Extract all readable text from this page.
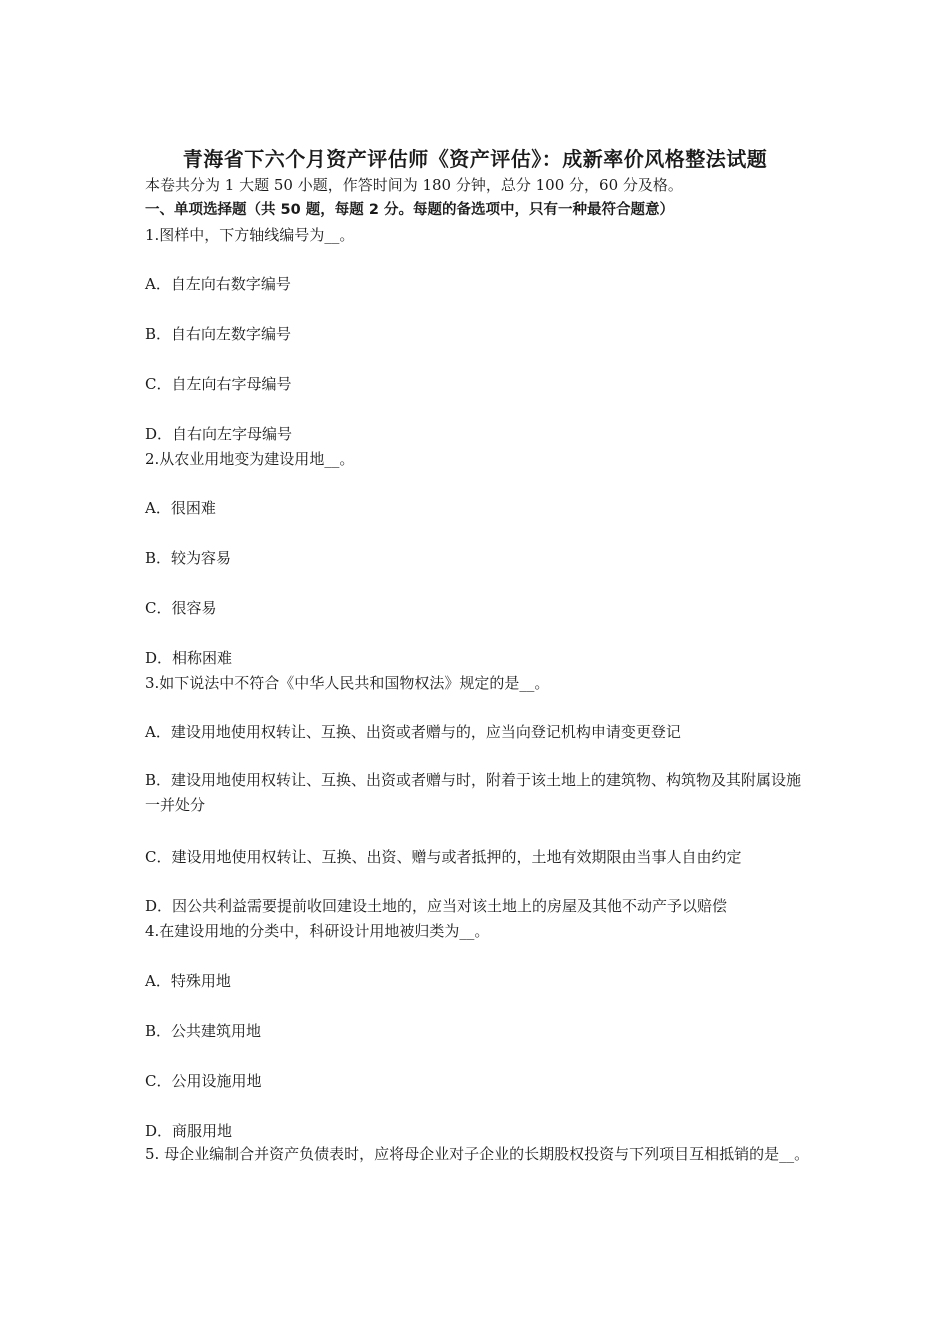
青海省下六个月资产评估师《资产评估》：成新率价风格整法试题
本卷共分为 1 大题 50 小题，作答时间为 180 分钟，总分 100 分，60 分及格。
一、单项选择题（共 50 题，每题 2 分。每题的备选项中，只有一种最符合题意）
1.图样中，下方轴线编号为__。
A．自左向右数字编号
B．自右向左数字编号
C．自左向右字母编号
D．自右向左字母编号
2.从农业用地变为建设用地__。
A．很困难
B．较为容易
C．很容易
D．相称困难
3.如下说法中不符合《中华人民共和国物权法》规定的是__。
A．建设用地使用权转让、互换、出资或者赠与的，应当向登记机构申请变更登记
B．建设用地使用权转让、互换、出资或者赠与时，附着于该土地上的建筑物、构筑物及其附属设施一并处分
C．建设用地使用权转让、互换、出资、赠与或者抵押的，土地有效期限由当事人自由约定
D．因公共利益需要提前收回建设土地的，应当对该土地上的房屋及其他不动产予以赔偿
4.在建设用地的分类中，科研设计用地被归类为__。
A．特殊用地
B．公共建筑用地
C．公用设施用地
D．商服用地
5. 母企业编制合并资产负债表时，应将母企业对子企业的长期股权投资与下列项目互相抵销的是__。
